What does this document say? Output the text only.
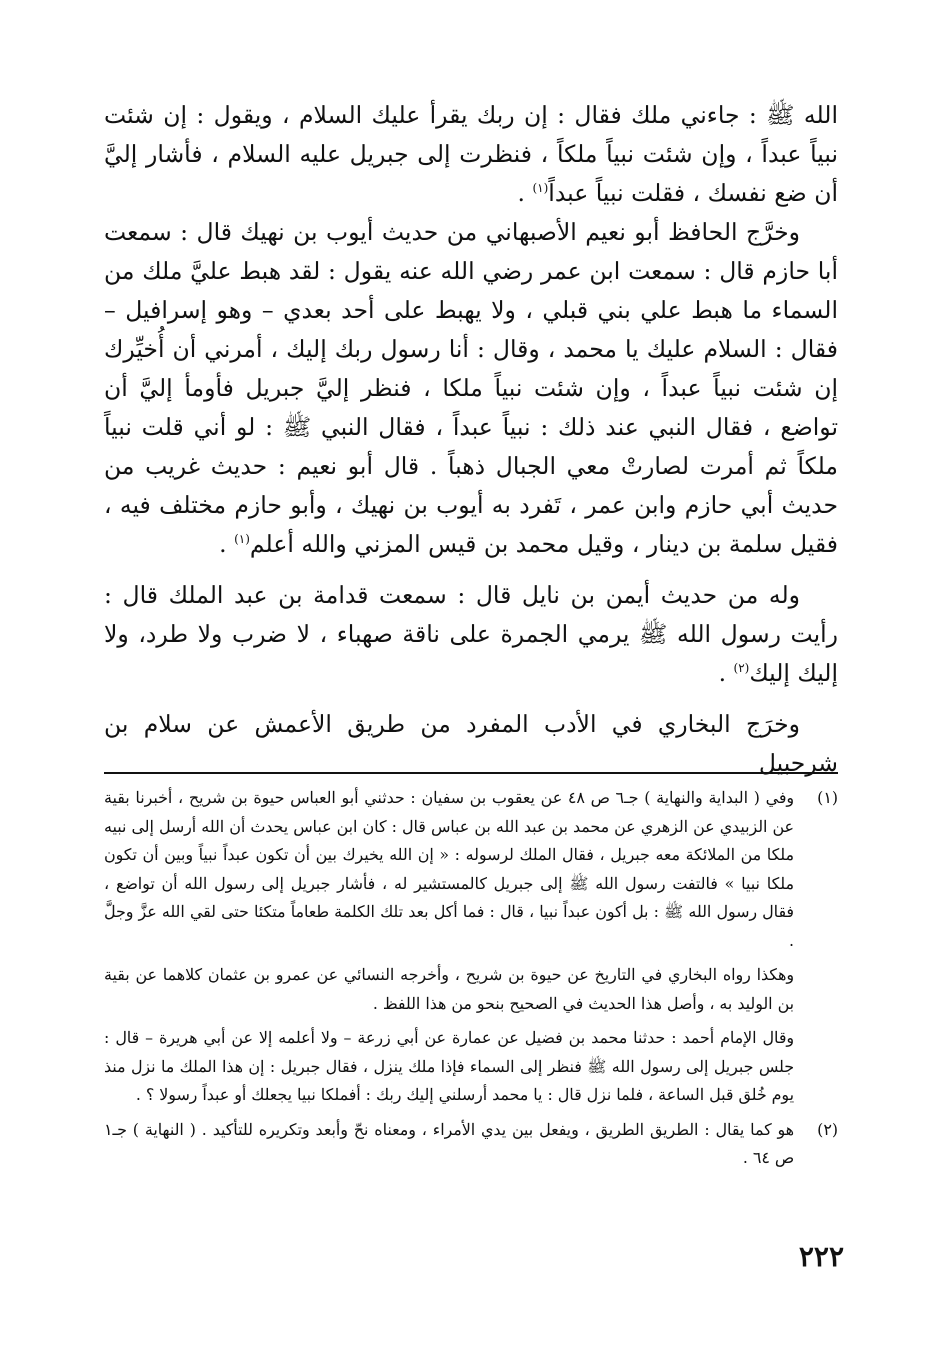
الله ﷺ : جاءني ملك فقال : إن ربك يقرأ عليك السلام ، ويقول : إن شئت نبياً عبداً ، وإن شئت نبياً ملكاً ، فنظرت إلى جبريل عليه السلام ، فأشار إليَّ أن ضع نفسك ، فقلت نبياً عبداً$^{(١)}$ .

وخرَّج الحافظ أبو نعيم الأصبهاني من حديث أيوب بن نهيك قال : سمعت أبا حازم قال : سمعت ابن عمر رضي الله عنه يقول : لقد هبط عليَّ ملك من السماء ما هبط علي بني قبلي ، ولا يهبط على أحد بعدي – وهو إسرافيل – فقال : السلام عليك يا محمد ، وقال : أنا رسول ربك إليك ، أمرني أن أُخيِّرك إن شئت نبياً عبداً ، وإن شئت نبياً ملكا ، فنظر إليَّ جبريل فأومأ إليَّ أن تواضع ، فقال النبي عند ذلك : نبياً عبداً ، فقال النبي ﷺ : لو أني قلت نبياً ملكاً ثم أمرت لصارتْ معي الجبال ذهباً . قال أبو نعيم : حديث غريب من حديث أبي حازم وابن عمر ، تَفرد به أيوب بن نهيك ، وأبو حازم مختلف فيه ، فقيل سلمة بن دينار ، وقيل محمد بن قيس المزني والله أعلم$^{(١)}$ .

وله من حديث أيمن بن نايل قال : سمعت قدامة بن عبد الملك قال : رأيت رسول الله ﷺ يرمي الجمرة على ناقة صهباء ، لا ضرب ولا طرد، ولا إليك إليك$^{(٢)}$ .

وخرَج البخاري في الأدب المفرد من طريق الأعمش عن سلام بن شرحبيل

(١)

وفي ( البداية والنهاية ) جـ٦ ص ٤٨ عن يعقوب بن سفيان : حدثني أبو العباس حيوة بن شريح ، أخبرنا بقية عن الزبيدي عن الزهري عن محمد بن عبد الله بن عباس قال : كان ابن عباس يحدث أن الله أرسل إلى نبيه ملكا من الملائكة معه جبريل ، فقال الملك لرسوله : « إن الله يخيرك بين أن تكون عبداً نبياً وبين أن تكون ملكا نبيا » فالتفت رسول الله ﷺ إلى جبريل كالمستشير له ، فأشار جبريل إلى رسول الله أن تواضع ، فقال رسول الله ﷺ : بل أكون عبداً نبيا ، قال : فما أكل بعد تلك الكلمة طعاماً متكئا حتى لقي الله عزَّ وجلَّ .

وهكذا رواه البخاري في التاريخ عن حيوة بن شريح ، وأخرجه النسائي عن عمرو بن عثمان كلاهما عن بقية بن الوليد به ، وأصل هذا الحديث في الصحيح بنحو من هذا اللفظ .

وقال الإمام أحمد : حدثنا محمد بن فضيل عن عمارة عن أبي زرعة – ولا أعلمه إلا عن أبي هريرة – قال : جلس جبريل إلى رسول الله ﷺ فنظر إلى السماء فإذا ملك ينزل ، فقال جبريل : إن هذا الملك ما نزل منذ يوم خُلق قبل الساعة ، فلما نزل قال : يا محمد أرسلني إليك ربك : أفملكا نبيا يجعلك أو عبداً رسولا ؟ .

(٢)

هو كما يقال : الطريق الطريق ، ويفعل بين يدي الأمراء ، ومعناه نحّ وأبعد وتكريره للتأكيد . ( النهاية ) جـ١ ص ٦٤ .

٢٢٢
